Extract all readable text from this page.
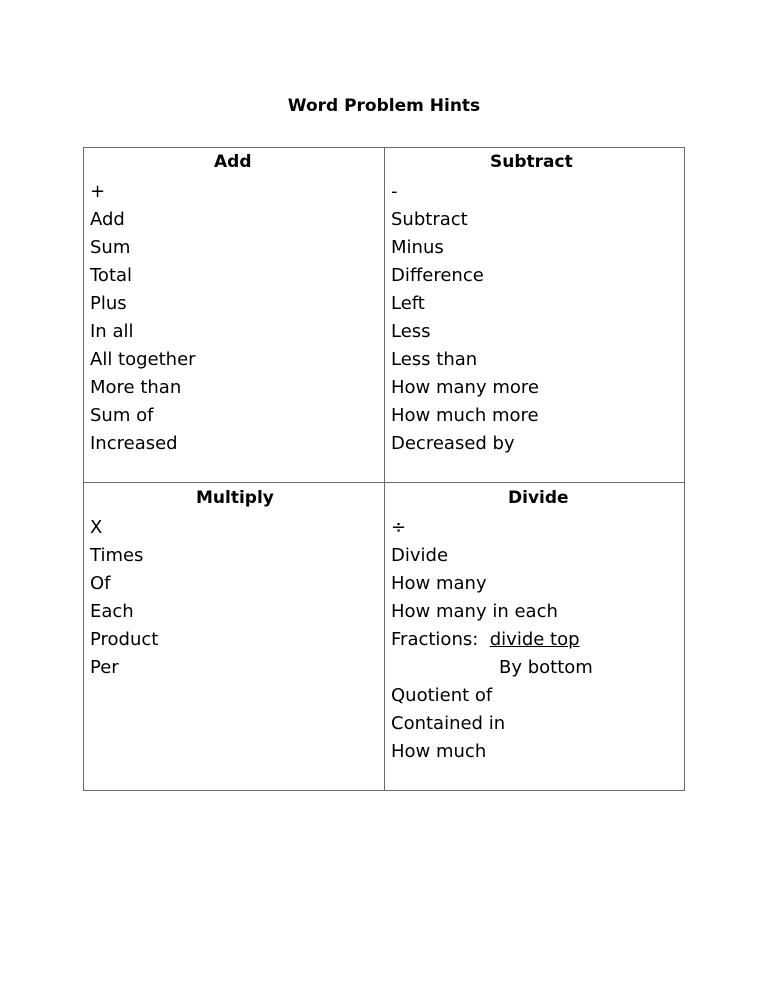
Word Problem Hints
Add
+
Add
Sum
Total
Plus
In all
All together
More than
Sum of
Increased
Subtract
-
Subtract
Minus
Difference
Left
Less
Less than
How many more
How much more
Decreased by
Multiply
X
Times
Of
Each
Product
Per
Divide
÷
Divide
How many
How many in each
Fractions: divide top
By bottom
Quotient of
Contained in
How much
